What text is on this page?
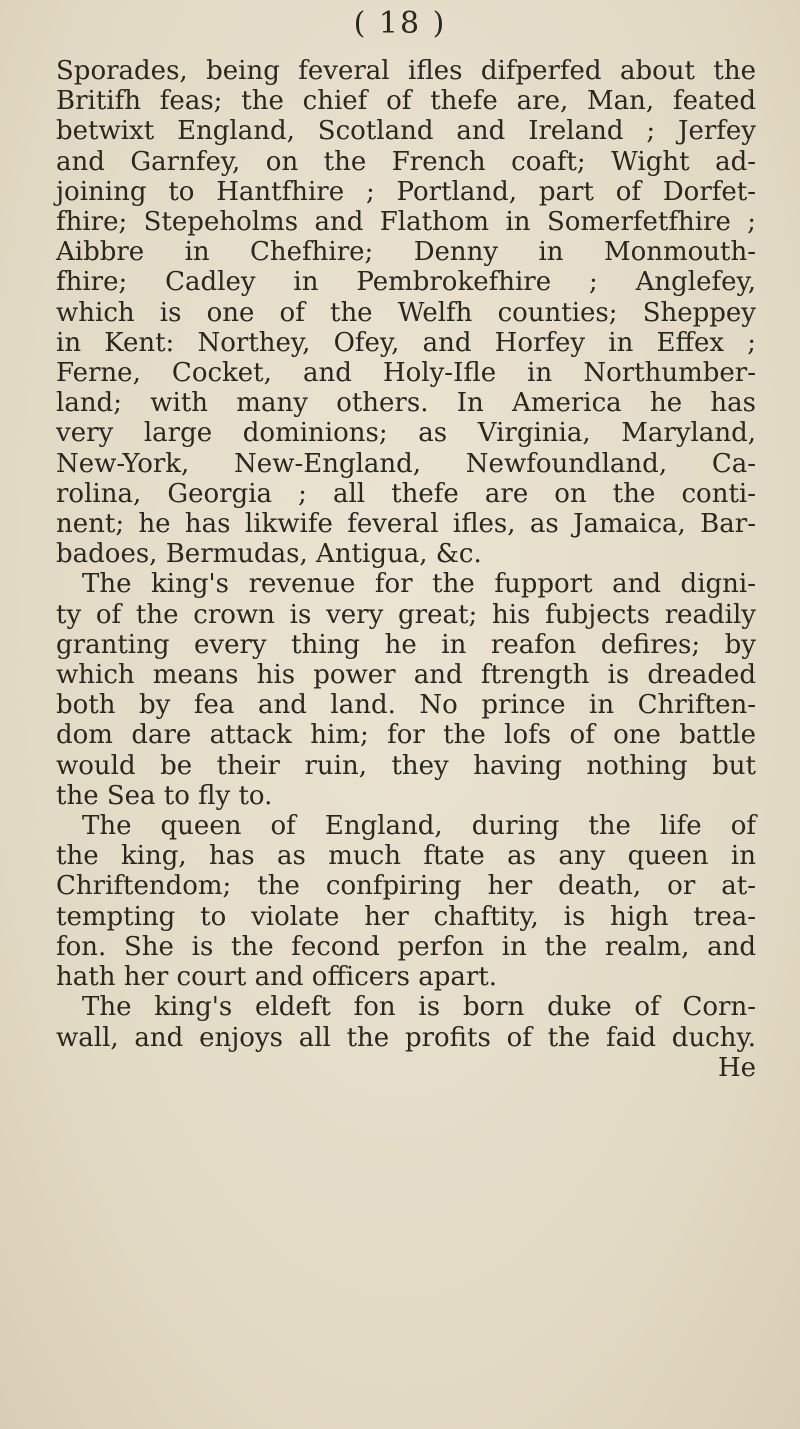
( 18 )
Sporades, being feveral ifles difperfed about the
Britifh feas; the chief of thefe are, Man, feated
betwixt England, Scotland and Ireland ; Jerfey
and Garnfey, on the French coaft; Wight ad-
joining to Hantfhire ; Portland, part of Dorfet-
fhire; Stepeholms and Flathom in Somerfetfhire ;
Aibbre in Chefhire; Denny in Monmouth-
fhire; Cadley in Pembrokefhire ; Anglefey,
which is one of the Welfh counties; Sheppey
in Kent: Northey, Ofey, and Horfey in Effex ;
Ferne, Cocket, and Holy-Ifle in Northumber-
land; with many others. In America he has
very large dominions; as Virginia, Maryland,
New-York, New-England, Newfoundland, Ca-
rolina, Georgia ; all thefe are on the conti-
nent; he has likwife feveral ifles, as Jamaica, Bar-
badoes, Bermudas, Antigua, &c.
The king's revenue for the fupport and digni-
ty of the crown is very great; his fubjects readily
granting every thing he in reafon defires; by
which means his power and ftrength is dreaded
both by fea and land. No prince in Chriften-
dom dare attack him; for the lofs of one battle
would be their ruin, they having nothing but
the Sea to fly to.
The queen of England, during the life of
the king, has as much ftate as any queen in
Chriftendom; the confpiring her death, or at-
tempting to violate her chaftity, is high trea-
fon. She is the fecond perfon in the realm, and
hath her court and officers apart.
The king's eldeft fon is born duke of Corn-
wall, and enjoys all the profits of the faid duchy.
He
